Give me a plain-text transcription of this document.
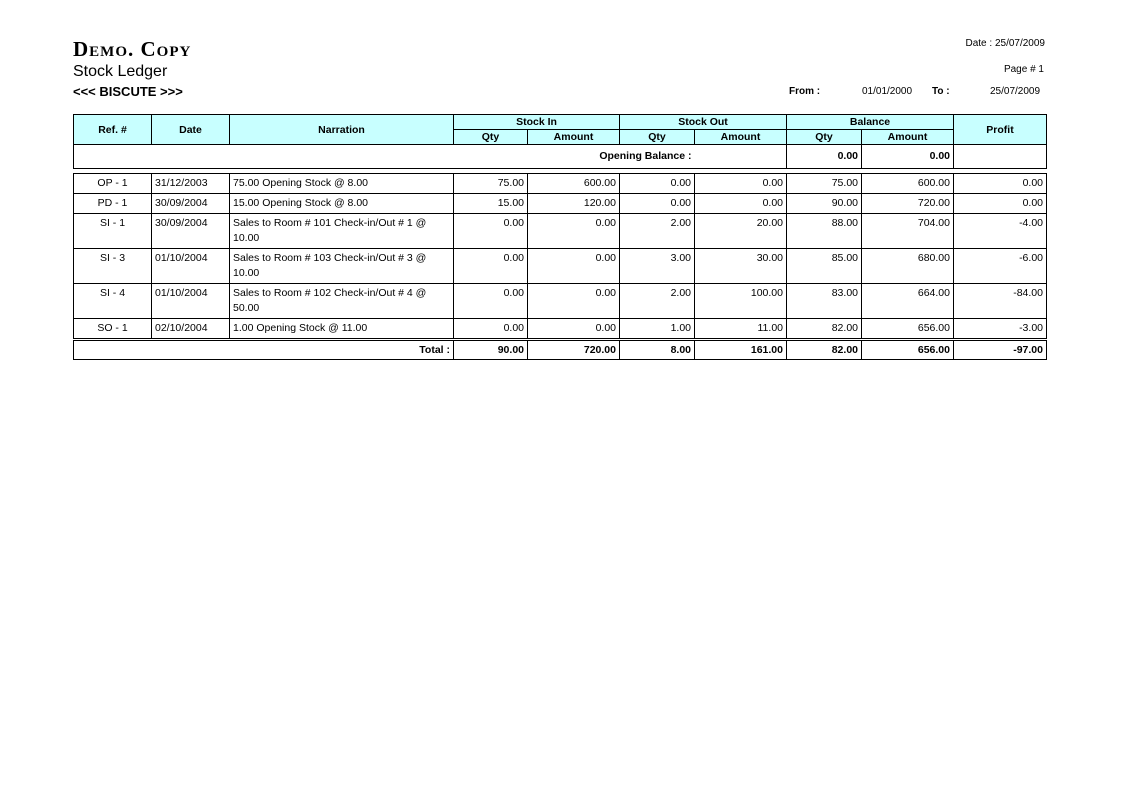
Demo. Copy
Stock Ledger
<<< BISCUTE >>>
Date : 25/07/2009
Page # 1
From :	01/01/2000 To :	25/07/2009
Ref. #	Date	Narration	Stock In		Stock Out		Balance		Profit
			Qty	Amount	Qty	Amount	Qty	Amount	
Opening Balance :							0.00	0.00	

OP - 1	31/12/2003	75.00 Opening Stock @ 8.00	75.00	600.00	0.00	0.00	75.00	600.00	0.00
PD - 1	30/09/2004	15.00 Opening Stock @ 8.00	15.00	120.00	0.00	0.00	90.00	720.00	0.00
SI - 1	30/09/2004	Sales to Room # 101 Check-in/Out # 1 @ 10.00	0.00	0.00	2.00	20.00	88.00	704.00	-4.00
SI - 3	01/10/2004	Sales to Room # 103 Check-in/Out # 3 @ 10.00	0.00	0.00	3.00	30.00	85.00	680.00	-6.00
SI - 4	01/10/2004	Sales to Room # 102 Check-in/Out # 4 @ 50.00	0.00	0.00	2.00	100.00	83.00	664.00	-84.00
SO - 1	02/10/2004	1.00 Opening Stock @ 11.00	0.00	0.00	1.00	11.00	82.00	656.00	-3.00
Total :			90.00	720.00	8.00	161.00	82.00	656.00	-97.00
